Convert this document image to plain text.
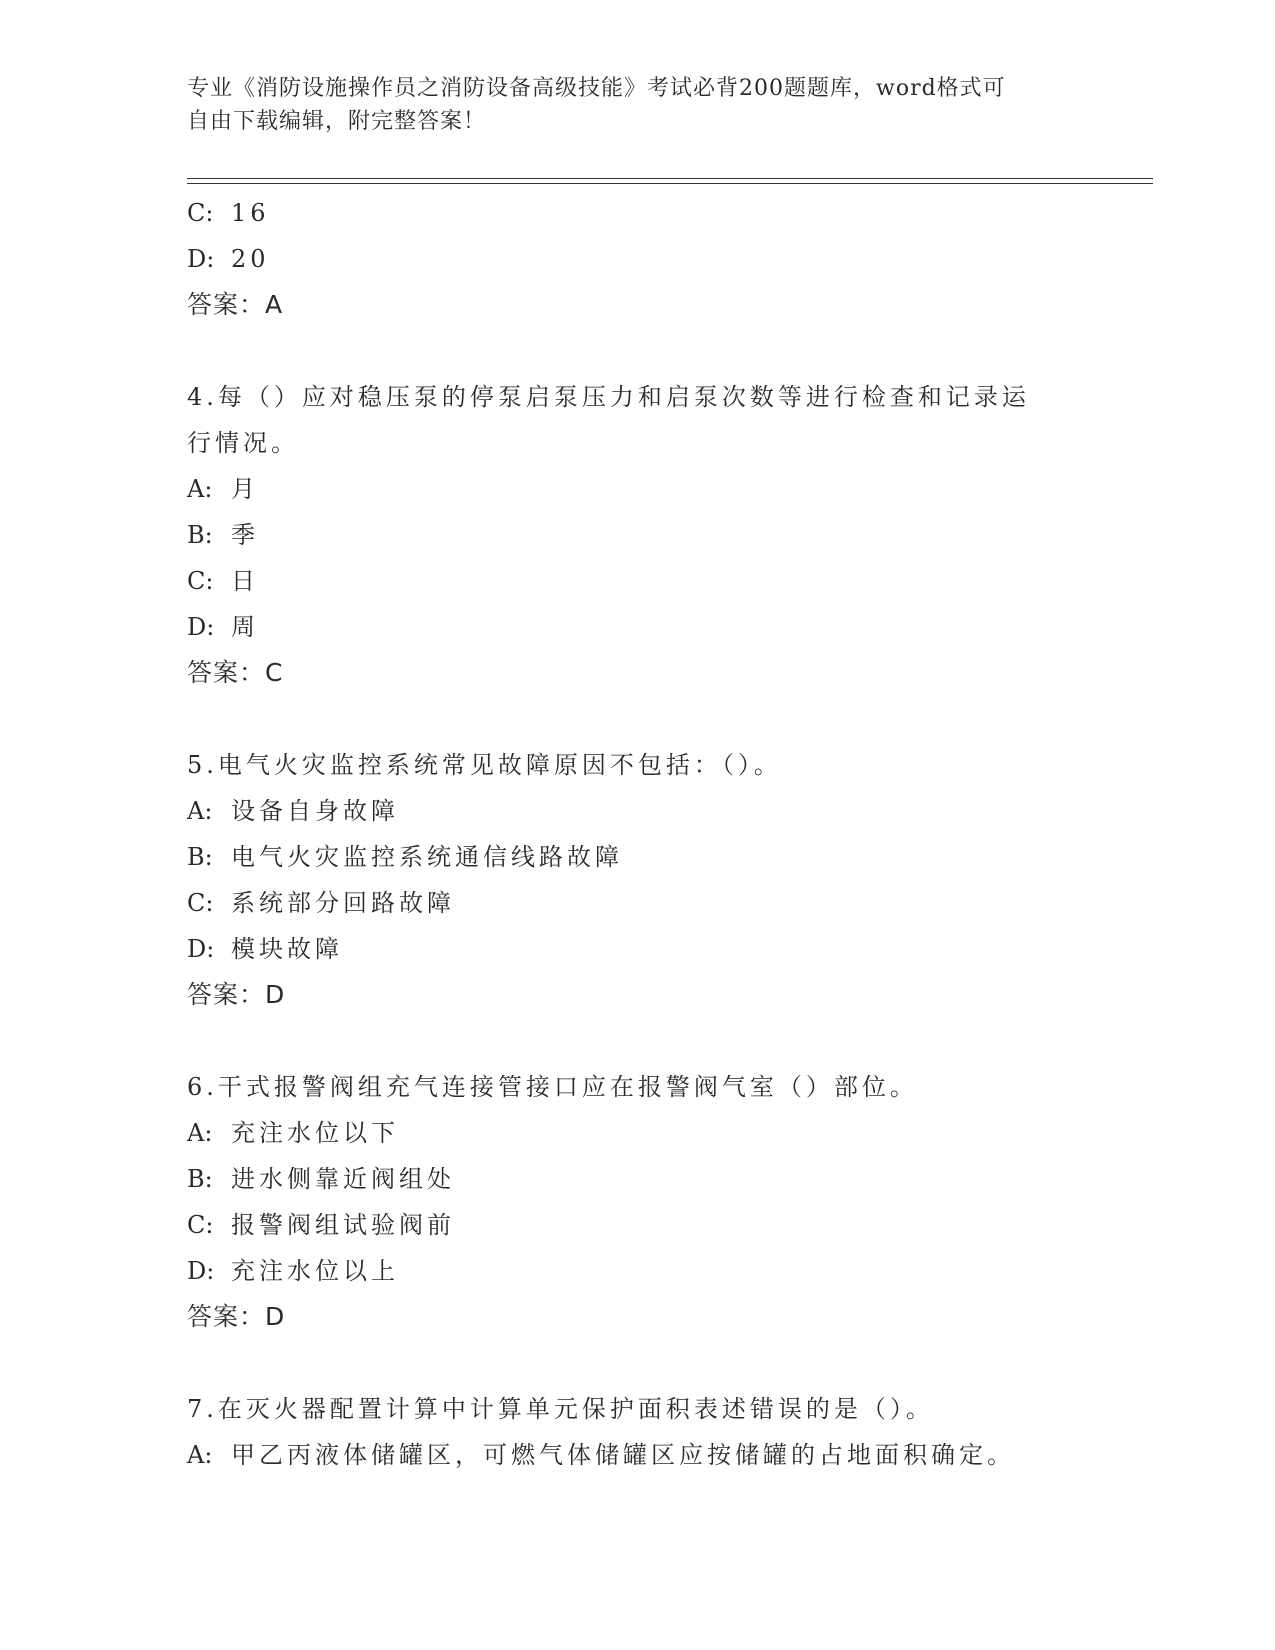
专业《消防设施操作员之消防设备高级技能》考试必背200题题库，word格式可
自由下载编辑，附完整答案！
C: 16
D: 20
答案：A
4.每（）应对稳压泵的停泵启泵压力和启泵次数等进行检查和记录运
行情况。
A: 月
B: 季
C: 日
D: 周
答案：C
5.电气火灾监控系统常见故障原因不包括：（）。
A: 设备自身故障
B: 电气火灾监控系统通信线路故障
C: 系统部分回路故障
D: 模块故障
答案：D
6.干式报警阀组充气连接管接口应在报警阀气室（）部位。
A: 充注水位以下
B: 进水侧靠近阀组处
C: 报警阀组试验阀前
D: 充注水位以上
答案：D
7.在灭火器配置计算中计算单元保护面积表述错误的是（）。
A: 甲乙丙液体储罐区，可燃气体储罐区应按储罐的占地面积确定。
